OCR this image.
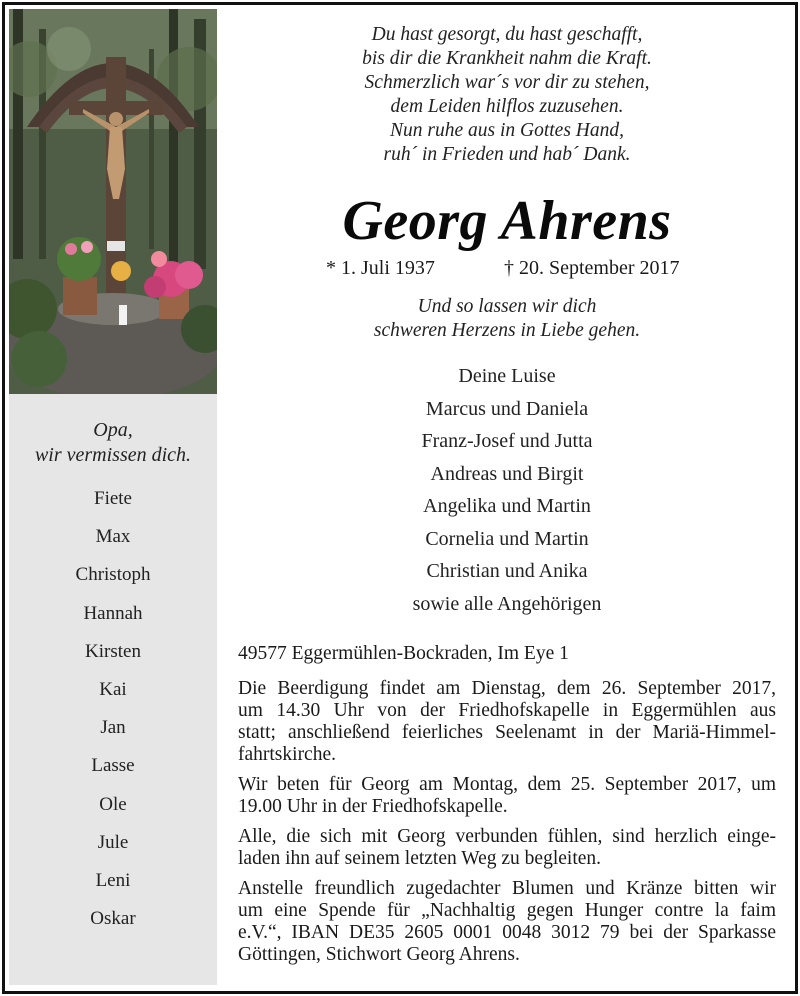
Opa,
wir vermissen dich.
Fiete
Max
Christoph
Hannah
Kirsten
Kai
Jan
Lasse
Ole
Jule
Leni
Oskar
Du hast gesorgt, du hast geschafft,
bis dir die Krankheit nahm die Kraft.
Schmerzlich war´s vor dir zu stehen,
dem Leiden hilflos zuzusehen.
Nun ruhe aus in Gottes Hand,
ruh´ in Frieden und hab´ Dank.
Georg Ahrens
* 1. Juli 1937	† 20. September 2017
Und so lassen wir dich
schweren Herzens in Liebe gehen.
Deine Luise
Marcus und Daniela
Franz-Josef und Jutta
Andreas und Birgit
Angelika und Martin
Cornelia und Martin
Christian und Anika
sowie alle Angehörigen
49577 Eggermühlen-Bockraden, Im Eye 1
Die Beerdigung findet am Dienstag, dem 26. September 2017,
um 14.30 Uhr von der Friedhofskapelle in Eggermühlen aus
statt; anschließend feierliches Seelenamt in der Mariä-Himmel-
fahrtskirche.
Wir beten für Georg am Montag, dem 25. September 2017, um
19.00 Uhr in der Friedhofskapelle.
Alle, die sich mit Georg verbunden fühlen, sind herzlich einge-
laden ihn auf seinem letzten Weg zu begleiten.
Anstelle freundlich zugedachter Blumen und Kränze bitten wir
um eine Spende für „Nachhaltig gegen Hunger contre la faim
e.V.“, IBAN DE35 2605 0001 0048 3012 79 bei der Sparkasse
Göttingen, Stichwort Georg Ahrens.
